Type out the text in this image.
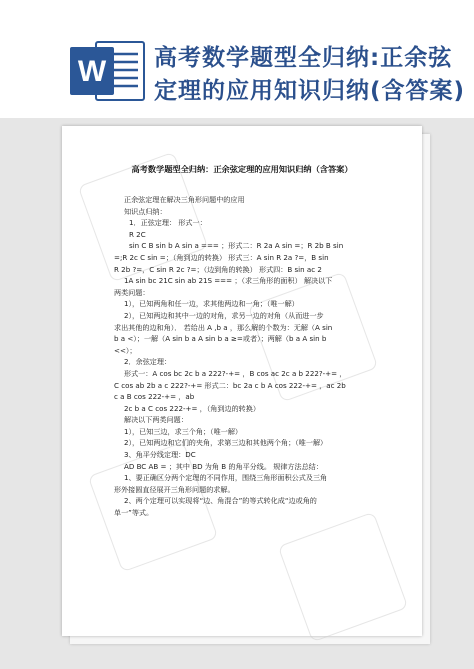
W 高考数学题型全归纳:正余弦
定理的应用知识归纳(含答案)
高考数学题型全归纳：正余弦定理的应用知识归纳（含答案）
正余弦定理在解决三角形问题中的应用
知识点归纳：
1．正弦定理： 形式一：
R 2C
sin C B sin b A sin a === ；形式二：R 2a A sin =；R 2b B sin
=;R 2c C sin =；（角到边的转换） 形式三：A sin R 2a ?=，B sin
R 2b ?=，C sin R 2c ?=；（边到角的转换） 形式四：B sin ac 2
1A sin bc 21C sin ab 21S === ；（求三角形的面积） 解决以下
两类问题：
1），已知两角和任一边，求其他两边和一角；（唯一解）
2），已知两边和其中一边的对角，求另一边的对角（从而进一步
求出其他的边和角）． 若给出 A ,b a ，那么解的个数为：无解（A sin
b a <）；一解（A sin b a A sin b a ≥=或者）；两解（b a A sin b
<<）；
2．余弦定理：
形式一：A cos bc 2c b a 222?-+= ，B cos ac 2c a b 222?-+= ，
C cos ab 2b a c 222?-+= 形式二：bc 2a c b A cos 222-+= ，ac 2b
c a B cos 222-+= ，ab
2c b a C cos 222-+= ，（角到边的转换）
解决以下两类问题：
1），已知三边，求三个角；（唯一解）
2），已知两边和它们的夹角，求第三边和其他两个角；（唯一解）
3、角平分线定理：DC
AD BC AB = ；其中 BD 为角 B 的角平分线。 规律方法总结：
1、要正确区分两个定理的不同作用，围绕三角形面积公式及三角
形外接圆直径展开三角形问题的求解。
2、两个定理可以实现将“边、角混合”的等式转化成“边或角的
单一”等式。
